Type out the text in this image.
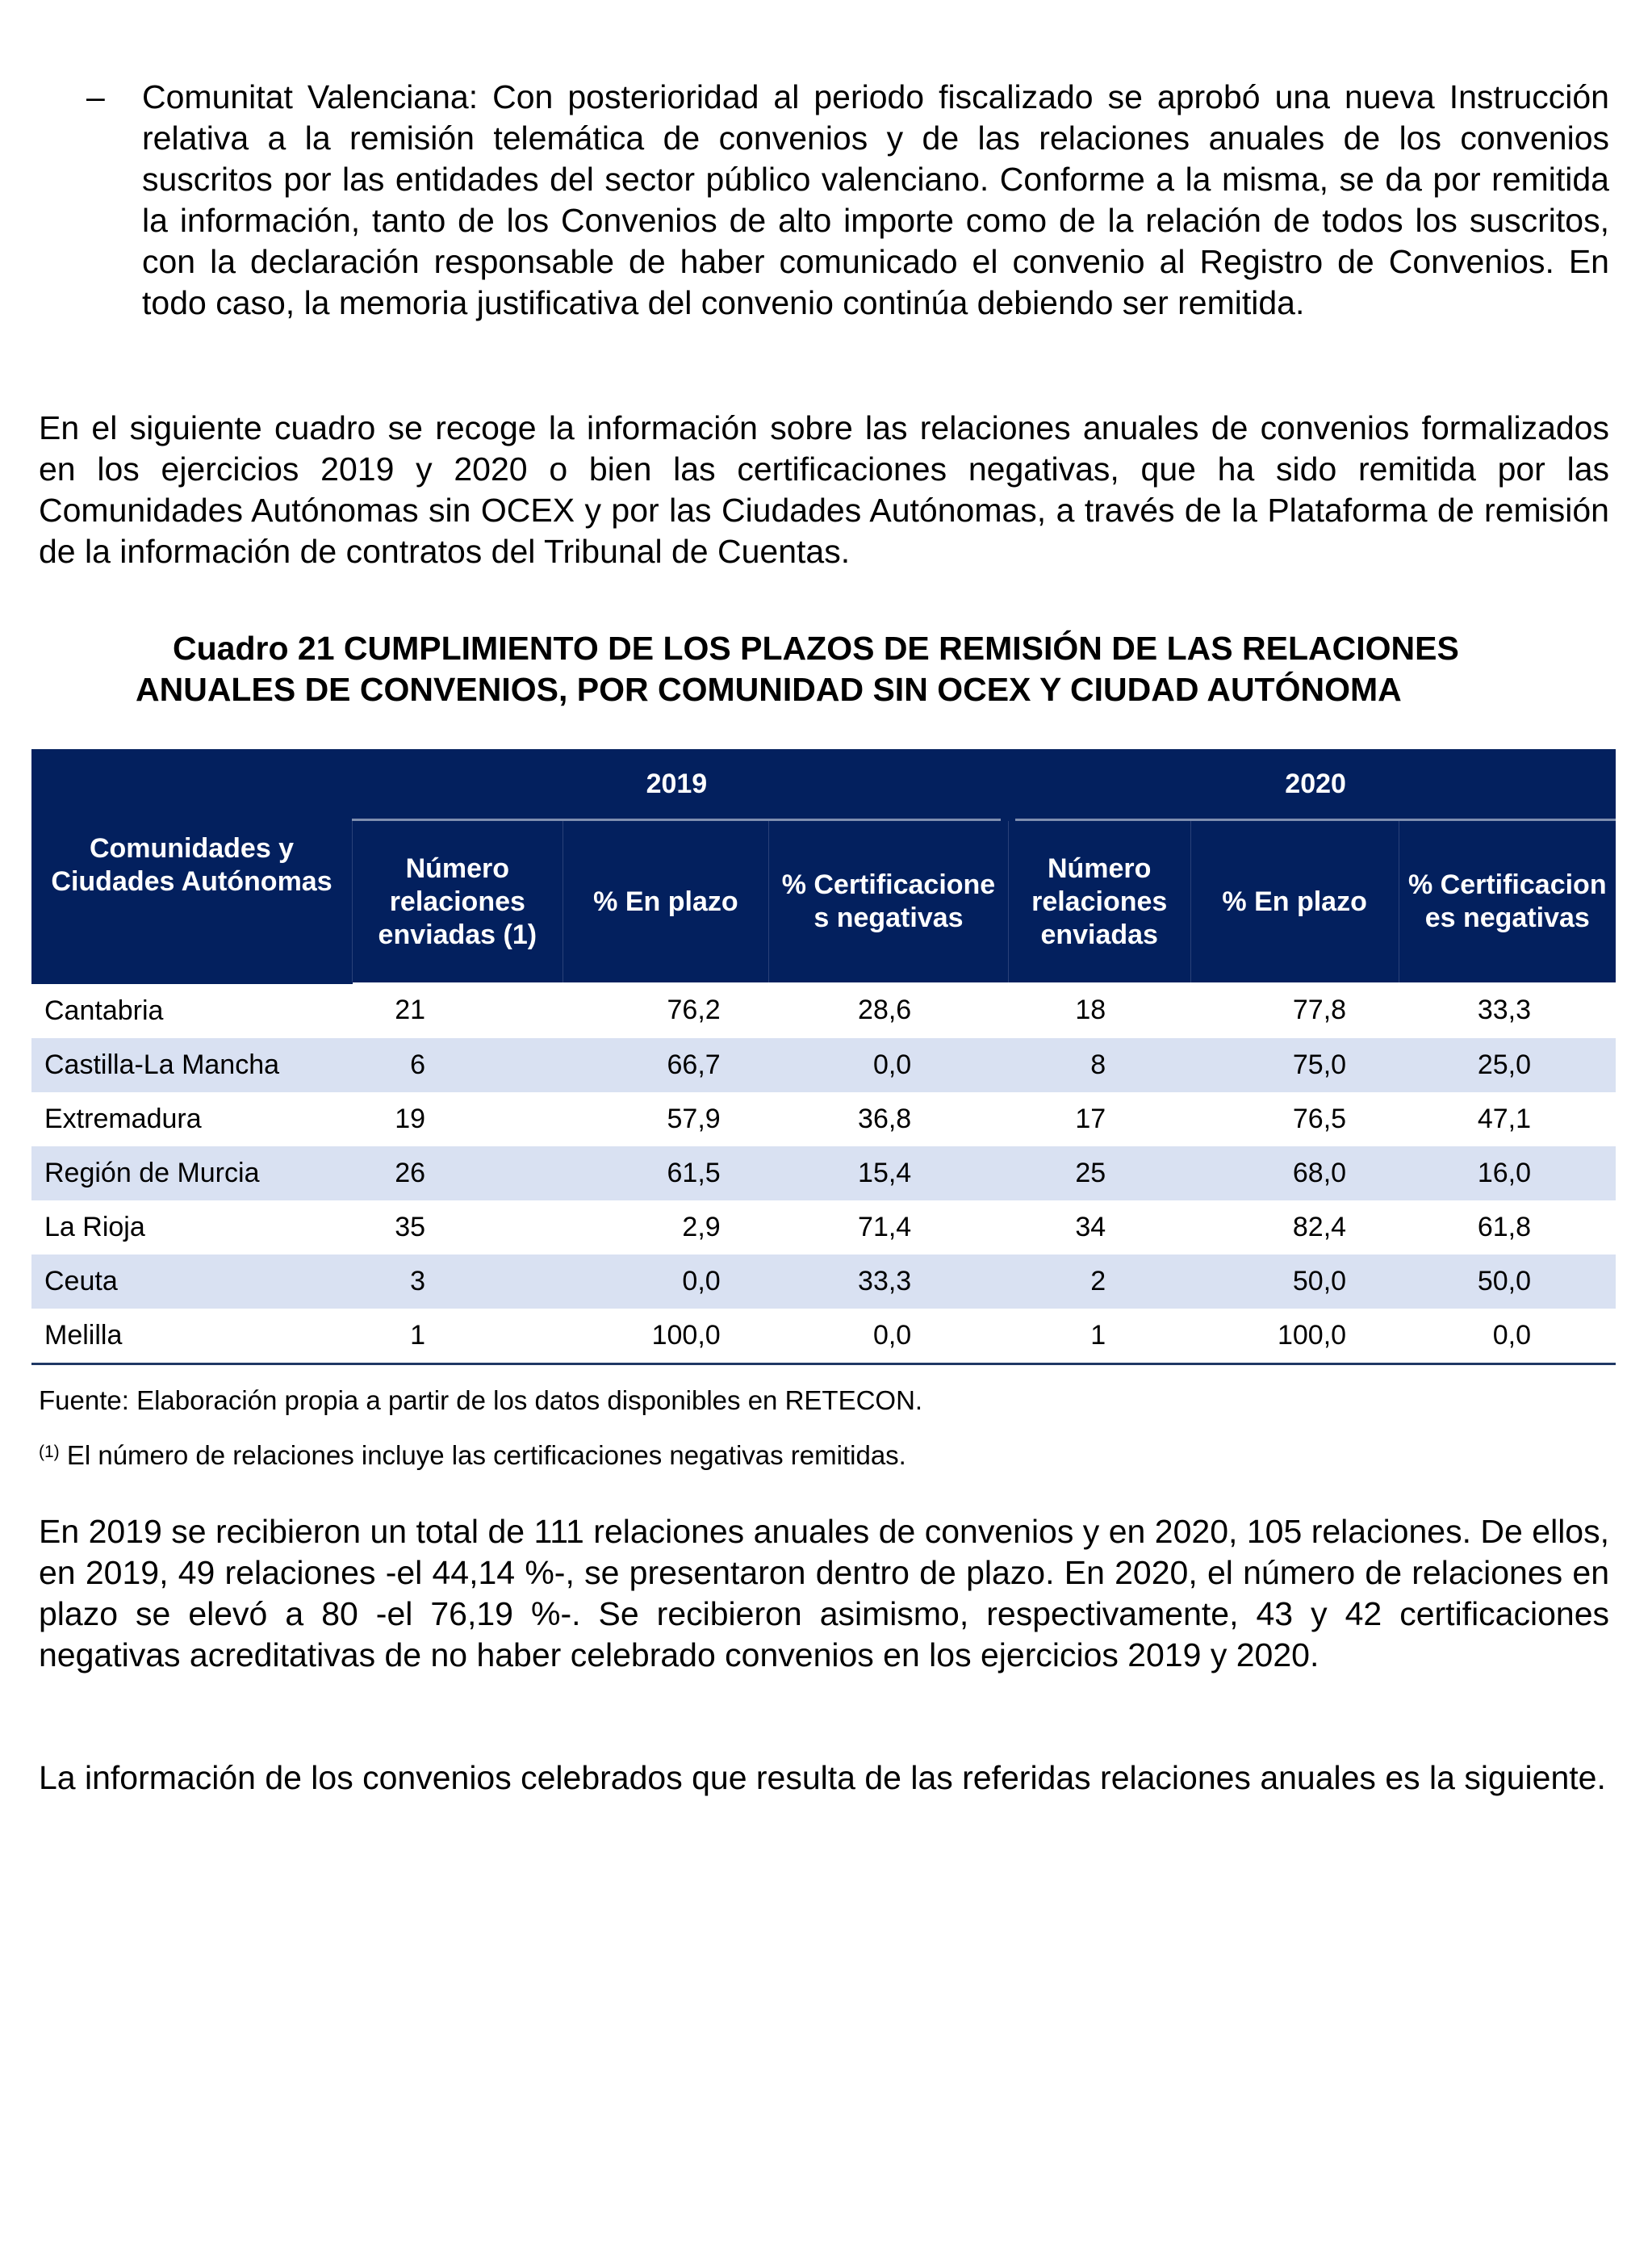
– Comunitat Valenciana: Con posterioridad al periodo fiscalizado se aprobó una nueva Instrucción relativa a la remisión telemática de convenios y de las relaciones anuales de los convenios suscritos por las entidades del sector público valenciano. Conforme a la misma, se da por remitida la información, tanto de los Convenios de alto importe como de la relación de todos los suscritos, con la declaración responsable de haber comunicado el convenio al Registro de Convenios. En todo caso, la memoria justificativa del convenio continúa debiendo ser remitida.
En el siguiente cuadro se recoge la información sobre las relaciones anuales de convenios formalizados en los ejercicios 2019 y 2020 o bien las certificaciones negativas, que ha sido remitida por las Comunidades Autónomas sin OCEX y por las Ciudades Autónomas, a través de la Plataforma de remisión de la información de contratos del Tribunal de Cuentas.
Cuadro 21 CUMPLIMIENTO DE LOS PLAZOS DE REMISIÓN DE LAS RELACIONES
ANUALES DE CONVENIOS, POR COMUNIDAD SIN OCEX Y CIUDAD AUTÓNOMA
Comunidades y Ciudades Autónomas	2019			2020		
	Número relaciones enviadas (1)	% En plazo	% Certificacione s negativas	Número relaciones enviadas	% En plazo	% Certificacion es negativas
Cantabria	21	76,2	28,6	18	77,8	33,3
Castilla-La Mancha	6	66,7	0,0	8	75,0	25,0
Extremadura	19	57,9	36,8	17	76,5	47,1
Región de Murcia	26	61,5	15,4	25	68,0	16,0
La Rioja	35	2,9	71,4	34	82,4	61,8
Ceuta	3	0,0	33,3	2	50,0	50,0
Melilla	1	100,0	0,0	1	100,0	0,0
Fuente: Elaboración propia a partir de los datos disponibles en RETECON.
$^{(1)}$ El número de relaciones incluye las certificaciones negativas remitidas.
En 2019 se recibieron un total de 111 relaciones anuales de convenios y en 2020, 105 relaciones. De ellos, en 2019, 49 relaciones -el 44,14 %-, se presentaron dentro de plazo. En 2020, el número de relaciones en plazo se elevó a 80 -el 76,19 %-. Se recibieron asimismo, respectivamente, 43 y 42 certificaciones negativas acreditativas de no haber celebrado convenios en los ejercicios 2019 y 2020.
La información de los convenios celebrados que resulta de las referidas relaciones anuales es la siguiente.
